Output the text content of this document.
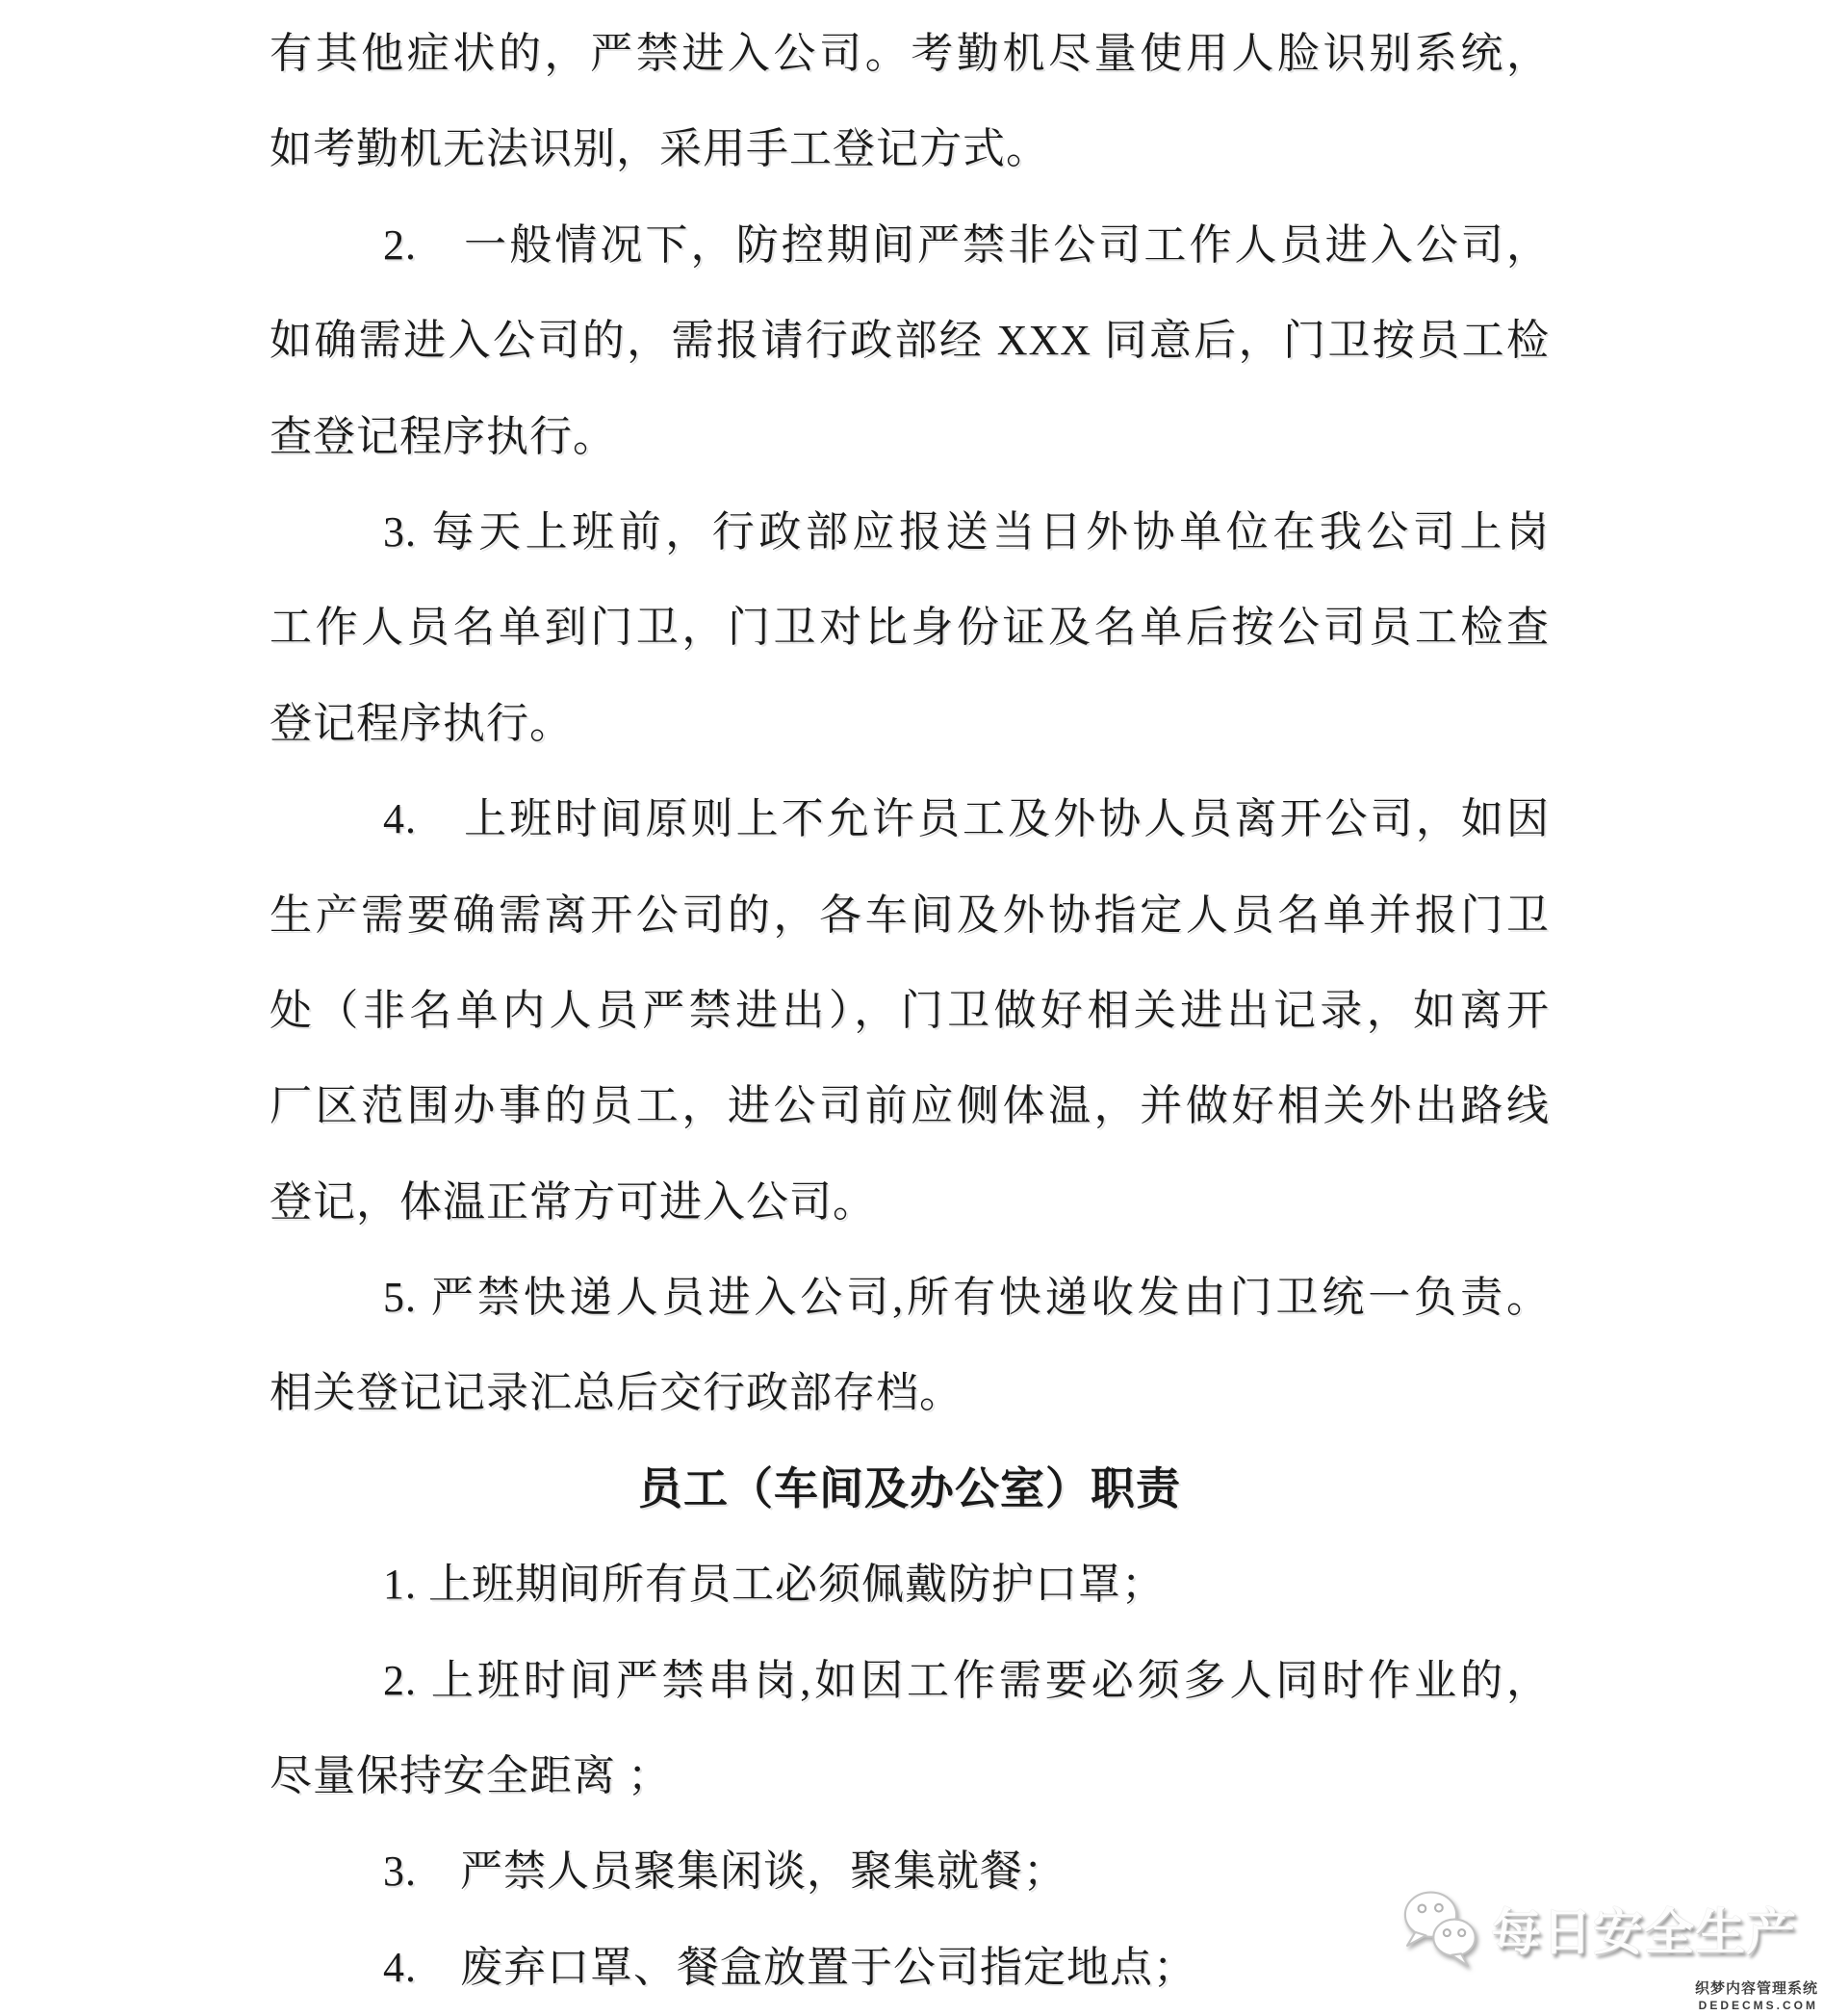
有其他症状的，严禁进入公司。考勤机尽量使用人脸识别系统，
如考勤机无法识别，采用手工登记方式。
2.　一般情况下，防控期间严禁非公司工作人员进入公司，
如确需进入公司的，需报请行政部经 XXX 同意后，门卫按员工检
查登记程序执行。
3. 每天上班前，行政部应报送当日外协单位在我公司上岗
工作人员名单到门卫，门卫对比身份证及名单后按公司员工检查
登记程序执行。
4.　上班时间原则上不允许员工及外协人员离开公司，如因
生产需要确需离开公司的，各车间及外协指定人员名单并报门卫
处（非名单内人员严禁进出），门卫做好相关进出记录，如离开
厂区范围办事的员工，进公司前应侧体温，并做好相关外出路线
登记，体温正常方可进入公司。
5. 严禁快递人员进入公司,所有快递收发由门卫统一负责。
相关登记记录汇总后交行政部存档。
员工（车间及办公室）职责
1. 上班期间所有员工必须佩戴防护口罩；
2. 上班时间严禁串岗,如因工作需要必须多人同时作业的，
尽量保持安全距离 ；
3.　严禁人员聚集闲谈，聚集就餐；
4.　废弃口罩、餐盒放置于公司指定地点；
每日安全生产
织梦内容管理系统
DEDECMS.COM
